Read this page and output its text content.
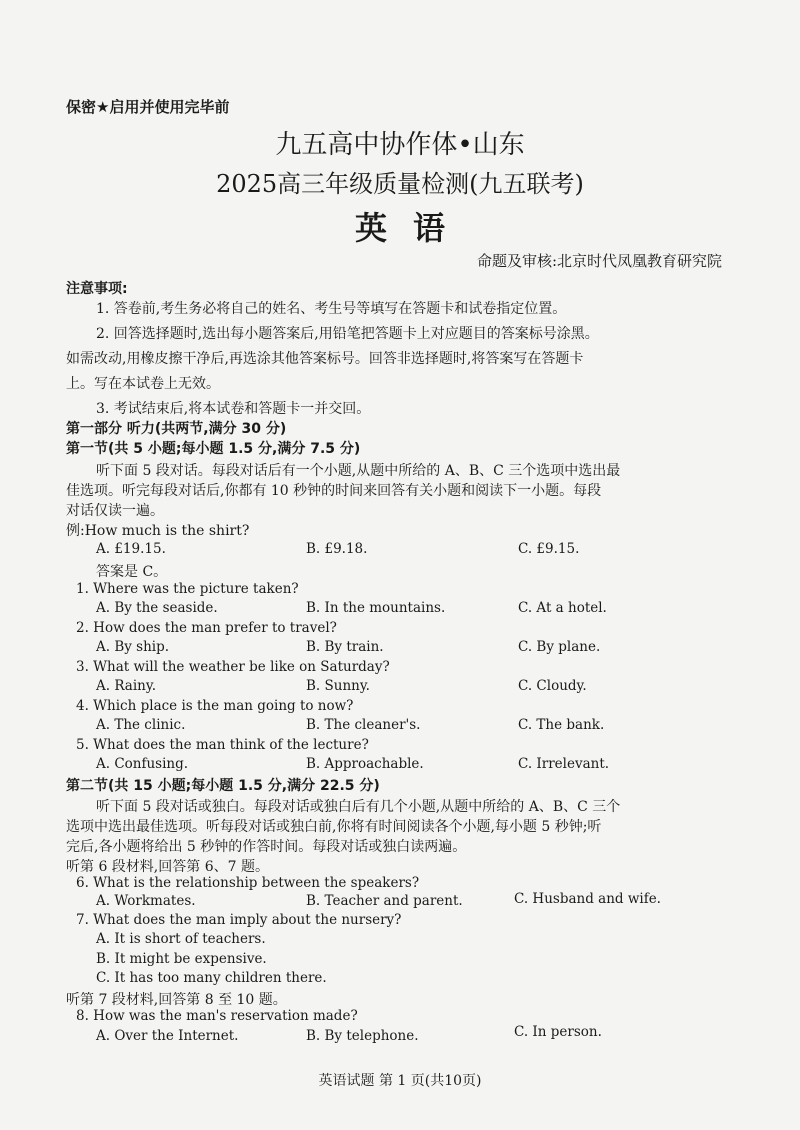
保密★启用并使用完毕前
九五高中协作体•山东
2025高三年级质量检测(九五联考)
英语
命题及审核:北京时代凤凰教育研究院
注意事项:
1. 答卷前,考生务必将自己的姓名、考生号等填写在答题卡和试卷指定位置。
2. 回答选择题时,选出每小题答案后,用铅笔把答题卡上对应题目的答案标号涂黑。
如需改动,用橡皮擦干净后,再选涂其他答案标号。回答非选择题时,将答案写在答题卡
上。写在本试卷上无效。
3. 考试结束后,将本试卷和答题卡一并交回。
第一部分 听力(共两节,满分 30 分)
第一节(共 5 小题;每小题 1.5 分,满分 7.5 分)
听下面 5 段对话。每段对话后有一个小题,从题中所给的 A、B、C 三个选项中选出最
佳选项。听完每段对话后,你都有 10 秒钟的时间来回答有关小题和阅读下一小题。每段
对话仅读一遍。
例:How much is the shirt?
A. £19.15.	B. £9.18.	C. £9.15.
答案是 C。
1. Where was the picture taken?
A. By the seaside.	B. In the mountains.	C. At a hotel.
2. How does the man prefer to travel?
A. By ship.	B. By train.	C. By plane.
3. What will the weather be like on Saturday?
A. Rainy.	B. Sunny.	C. Cloudy.
4. Which place is the man going to now?
A. The clinic.	B. The cleaner's.	C. The bank.
5. What does the man think of the lecture?
A. Confusing.	B. Approachable.	C. Irrelevant.
第二节(共 15 小题;每小题 1.5 分,满分 22.5 分)
听下面 5 段对话或独白。每段对话或独白后有几个小题,从题中所给的 A、B、C 三个
选项中选出最佳选项。听每段对话或独白前,你将有时间阅读各个小题,每小题 5 秒钟;听
完后,各小题将给出 5 秒钟的作答时间。每段对话或独白读两遍。
听第 6 段材料,回答第 6、7 题。
6. What is the relationship between the speakers?
A. Workmates.	B. Teacher and parent.	C. Husband and wife.
7. What does the man imply about the nursery?
A. It is short of teachers.
B. It might be expensive.
C. It has too many children there.
听第 7 段材料,回答第 8 至 10 题。
8. How was the man's reservation made?
A. Over the Internet.	B. By telephone.	C. In person.
英语试题 第 1 页(共10页)
